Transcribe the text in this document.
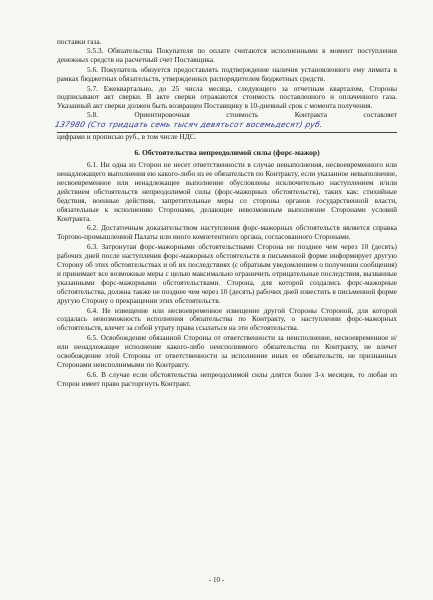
поставки газа.

5.5.3. Обязательства Покупателя по оплате считаются исполненными в момент поступления денежных средств на расчетный счет Поставщика.

5.6. Покупатель обязуется предоставлять подтверждение наличия установленного ему лимита в рамках бюджетных обязательств, утвержденных распорядителем бюджетных средств.

5.7. Ежеквартально, до 25 числа месяца, следующего за отчетным кварталом, Стороны подписывают акт сверки. В акте сверки отражаются стоимость поставленного и оплаченного газа. Указанный акт сверки должен быть возвращен Поставщику в 10-дневный срок с момента получения.

5.8.	Ориентировочная	стоимость	Контракта	составляет
137980 (Сто тридцать семь тысяч девятьсот восемьдесят) руб.

цифрами и прописью руб., в том числе НДС.

6. Обстоятельства непреодолимой силы (форс-мажор)

6.1. Ни одна из Сторон не несет ответственности в случае невыполнения, несвоевременного или ненадлежащего выполнения ею какого-либо из ее обязательств по Контракту, если указанное невыполнение, несвоевременное или ненадлежащее выполнение обусловлены исключительно наступлением и/или действием обстоятельств непреодолимой силы (форс-мажорных обстоятельств), таких как: стихийные бедствия, военные действия, запретительные меры со стороны органов государственной власти, обязательные к исполнению Сторонами, делающие невозможным выполнение Сторонами условий Контракта.

6.2. Достаточным доказательством наступления форс-мажорных обстоятельств является справка Торгово-промышленной Палаты или иного компетентного органа, согласованного Сторонами.

6.3. Затронутая форс-мажорными обстоятельствами Сторона не позднее чем через 10 (десять) рабочих дней после наступления форс-мажорных обстоятельств в письменной форме информирует другую Сторону об этих обстоятельствах и об их последствиях (с обратным уведомлением о получении сообщения) и принимает все возможные меры с целью максимально ограничить отрицательные последствия, вызванные указанными форс-мажорными обстоятельствами. Сторона, для которой создались форс-мажорные обстоятельства, должна также не позднее чем через 10 (десять) рабочих дней известить в письменной форме другую Сторону о прекращении этих обстоятельств.

6.4. Не извещение или несвоевременное извещение другой Стороны Стороной, для которой создалась невозможность исполнения обязательства по Контракту, о наступлении форс-мажорных обстоятельств, влечет за собой утрату права ссылаться на эти обстоятельства.

6.5. Освобождение обязанной Стороны от ответственности за неисполнение, несвоевременное и/или ненадлежащее исполнение какого-либо неисполнимого обязательства по Контракту, не влечет освобождение этой Стороны от ответственности за исполнение иных ее обязательств, не признанных Сторонами неисполнимыми по Контракту.

6.6. В случае если обстоятельства непреодолимой силы длятся более 3-х месяцев, то любая из Сторон имеет право расторгнуть Контракт.

- 10 -
